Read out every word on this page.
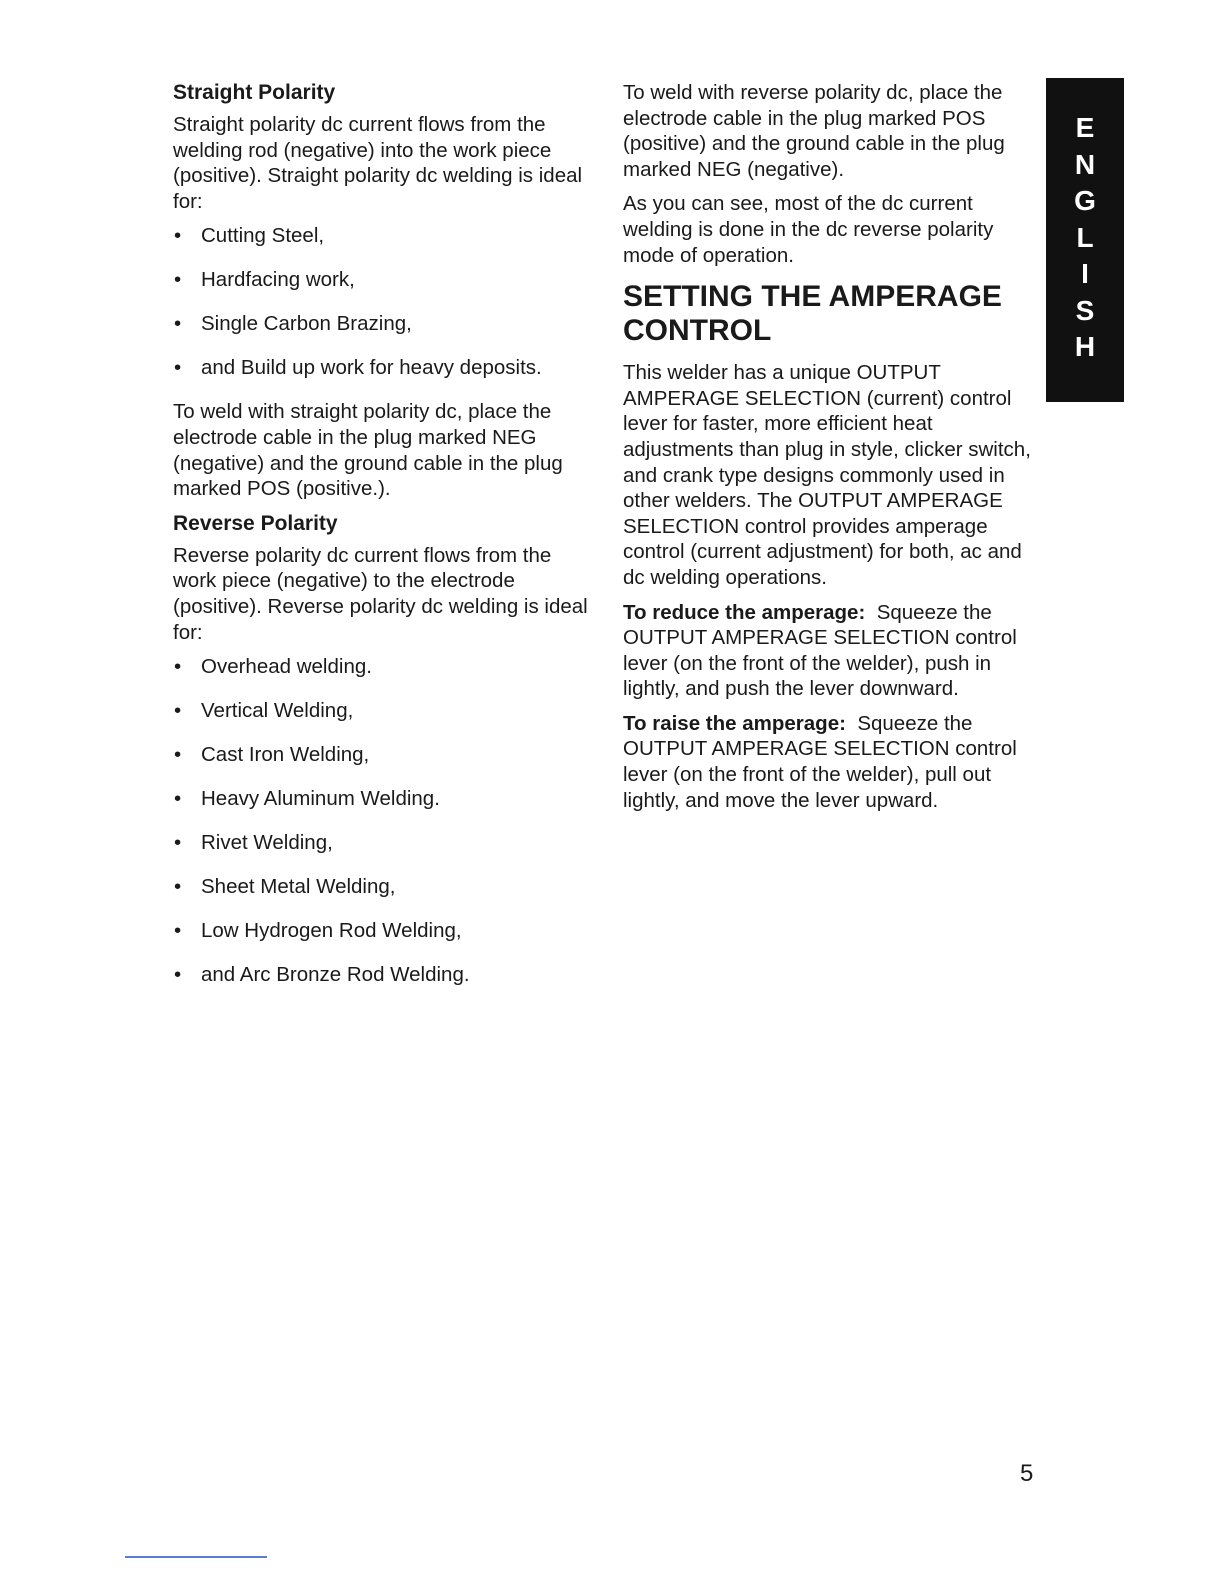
Straight Polarity

Straight polarity dc current flows from the welding rod (negative) into the work piece (positive). Straight polarity dc welding is ideal for:

• Cutting Steel,
• Hardfacing work,
• Single Carbon Brazing,
• and Build up work for heavy deposits.

To weld with straight polarity dc, place the electrode cable in the plug marked NEG (negative) and the ground cable in the plug marked POS (positive.).

Reverse Polarity

Reverse polarity dc current flows from the work piece (negative) to the electrode (positive). Reverse polarity dc welding is ideal for:

• Overhead welding.
• Vertical Welding,
• Cast Iron Welding,
• Heavy Aluminum Welding.
• Rivet Welding,
• Sheet Metal Welding,
• Low Hydrogen Rod Welding,
• and Arc Bronze Rod Welding.

To weld with reverse polarity dc, place the electrode cable in the plug marked POS (positive) and the ground cable in the plug marked NEG (negative).

As you can see, most of the dc current welding is done in the dc reverse polarity mode of operation.

SETTING THE AMPERAGE
CONTROL

This welder has a unique OUTPUT AMPERAGE SELECTION (current) control lever for faster, more efficient heat adjustments than plug in style, clicker switch, and crank type designs commonly used in other welders. The OUTPUT AMPERAGE SELECTION control provides amperage control (current adjustment) for both, ac and dc welding operations.

To reduce the amperage: Squeeze the OUTPUT AMPERAGE SELECTION control lever (on the front of the welder), push in lightly, and push the lever downward.

To raise the amperage: Squeeze the OUTPUT AMPERAGE SELECTION control lever (on the front of the welder), pull out lightly, and move the lever upward.

E
N
G
L
I
S
H
5
